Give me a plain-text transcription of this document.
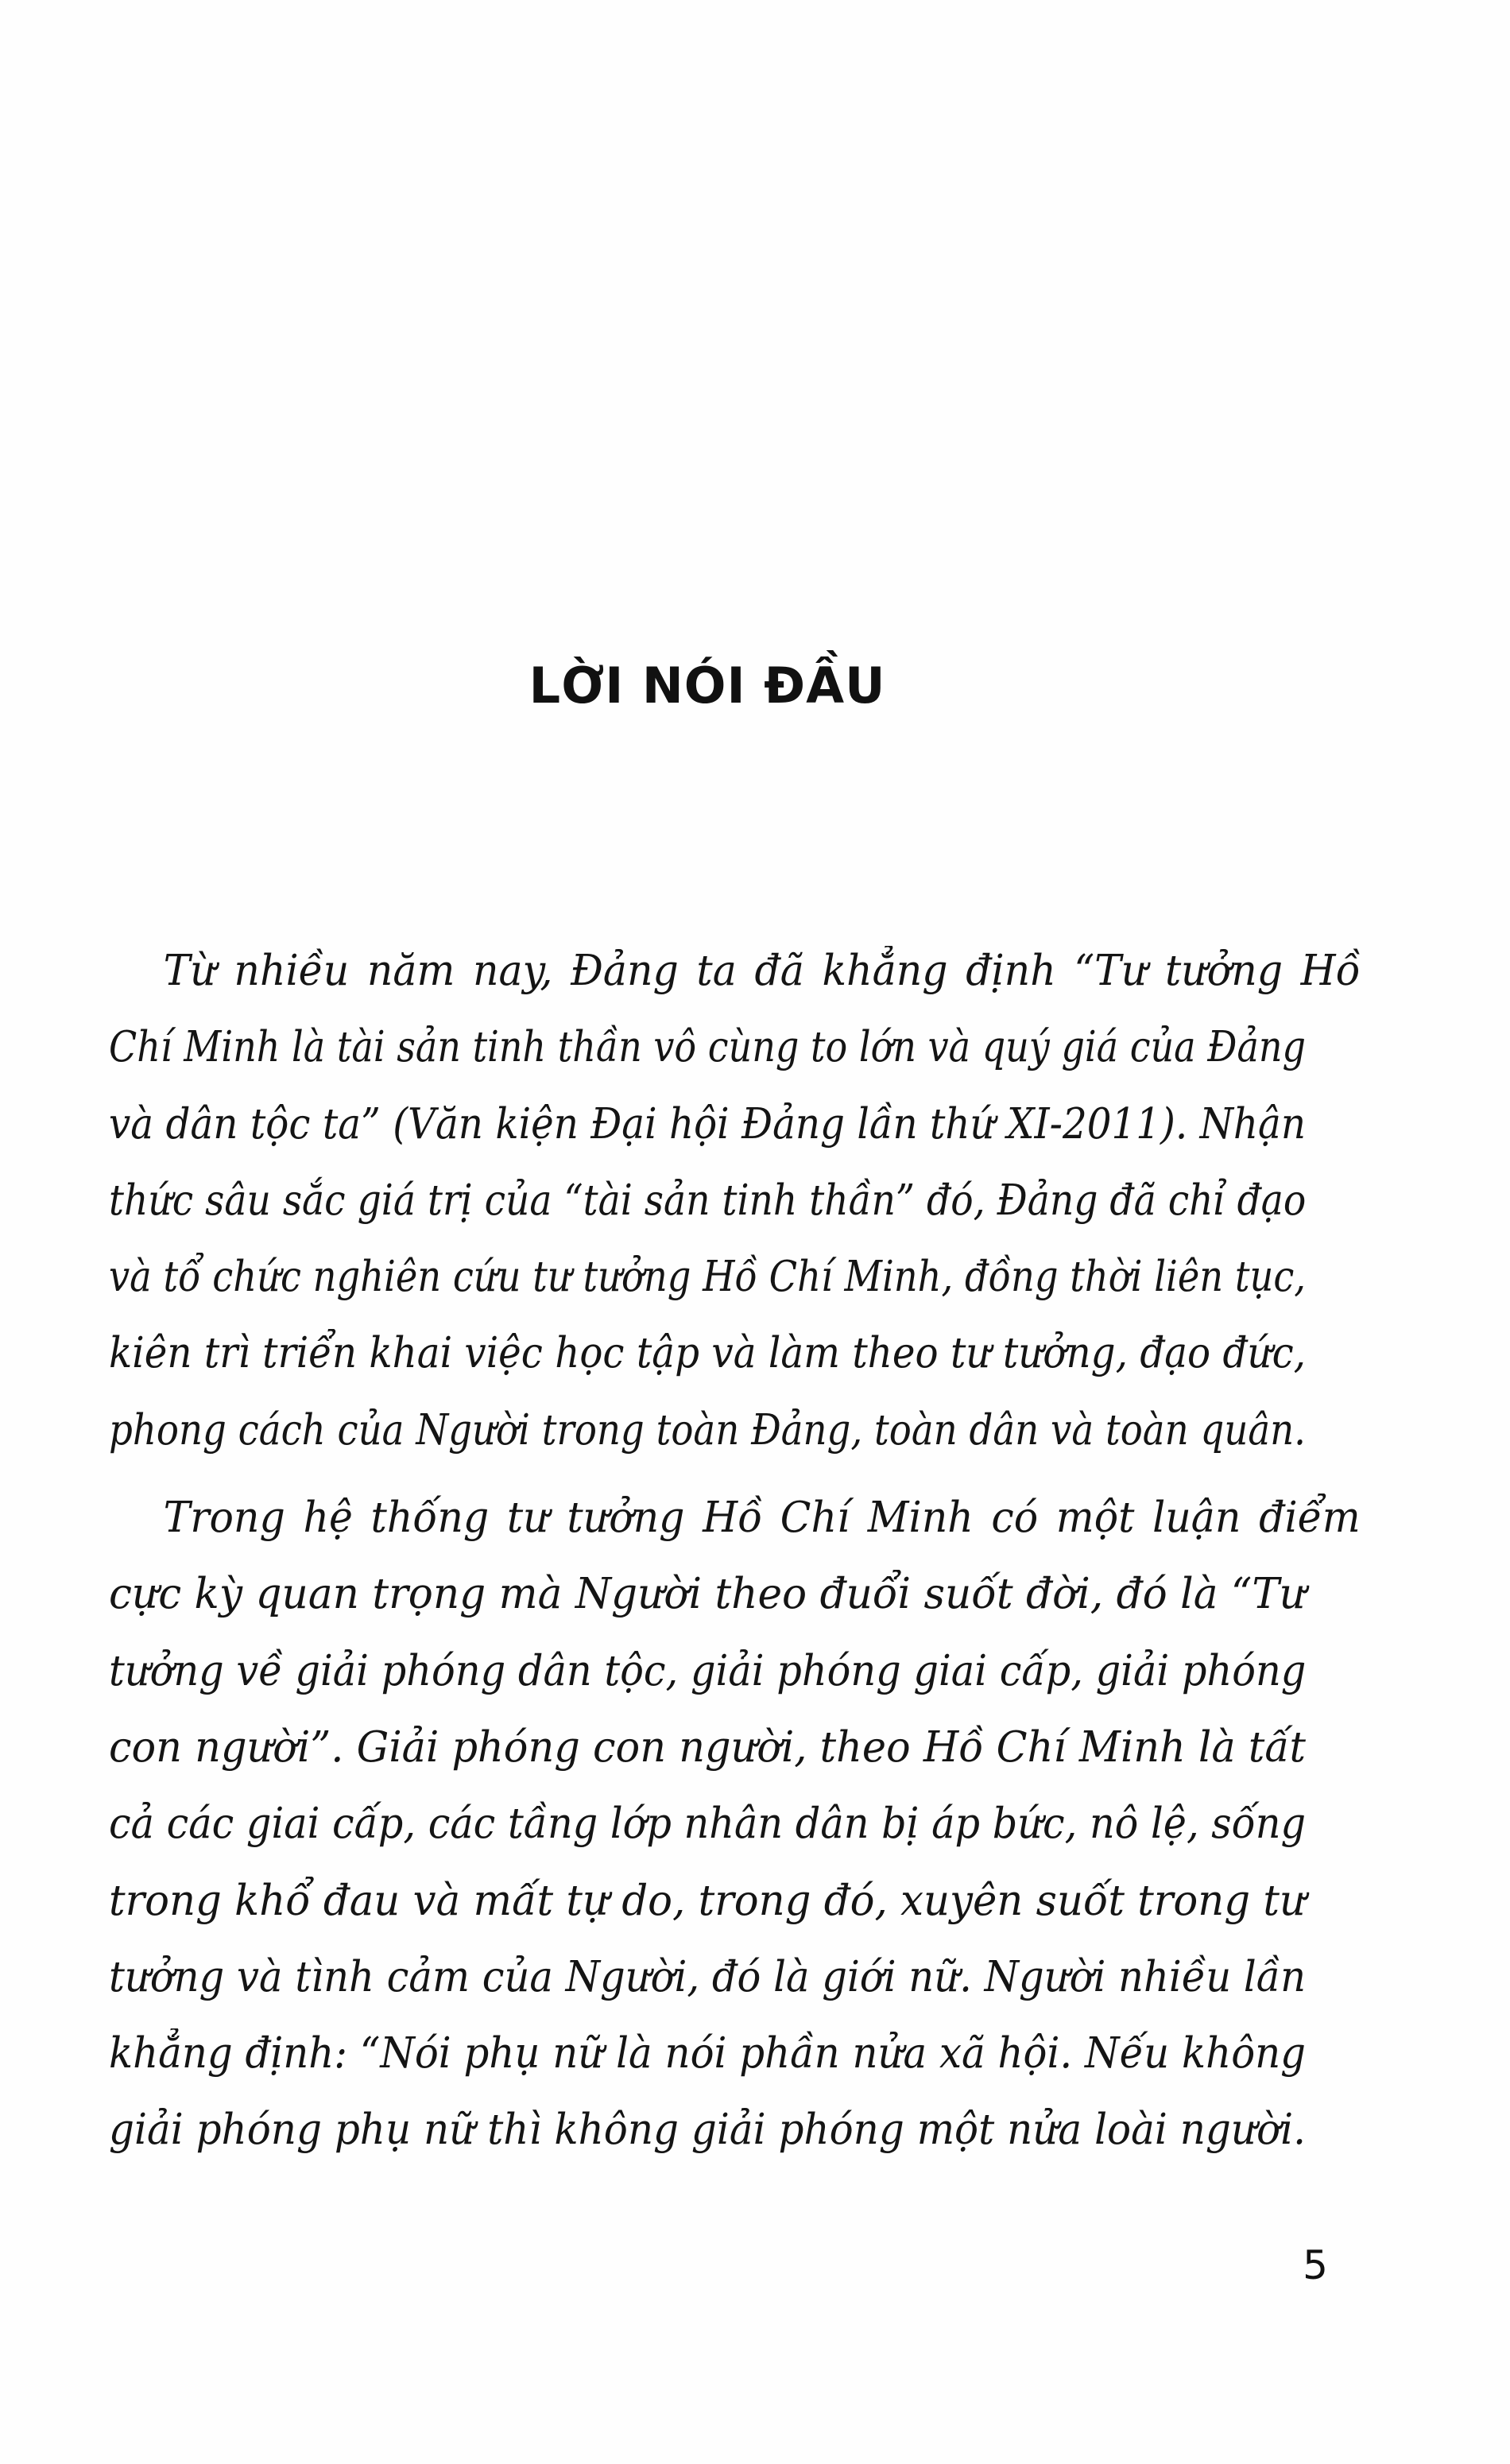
LỜI NÓI ĐẦU

Từ nhiều năm nay, Đảng ta đã khẳng định “Tư tưởng Hồ
Chí Minh là tài sản tinh thần vô cùng to lớn và quý giá của Đảng
và dân tộc ta” (Văn kiện Đại hội Đảng lần thứ XI-2011). Nhận
thức sâu sắc giá trị của “tài sản tinh thần” đó, Đảng đã chỉ đạo
và tổ chức nghiên cứu tư tưởng Hồ Chí Minh, đồng thời liên tục,
kiên trì triển khai việc học tập và làm theo tư tưởng, đạo đức,
phong cách của Người trong toàn Đảng, toàn dân và toàn quân.

Trong hệ thống tư tưởng Hồ Chí Minh có một luận điểm
cực kỳ quan trọng mà Người theo đuổi suốt đời, đó là “Tư
tưởng về giải phóng dân tộc, giải phóng giai cấp, giải phóng
con người”. Giải phóng con người, theo Hồ Chí Minh là tất
cả các giai cấp, các tầng lớp nhân dân bị áp bức, nô lệ, sống
trong khổ đau và mất tự do, trong đó, xuyên suốt trong tư
tưởng và tình cảm của Người, đó là giới nữ. Người nhiều lần
khẳng định: “Nói phụ nữ là nói phần nửa xã hội. Nếu không
giải phóng phụ nữ thì không giải phóng một nửa loài người.

5
